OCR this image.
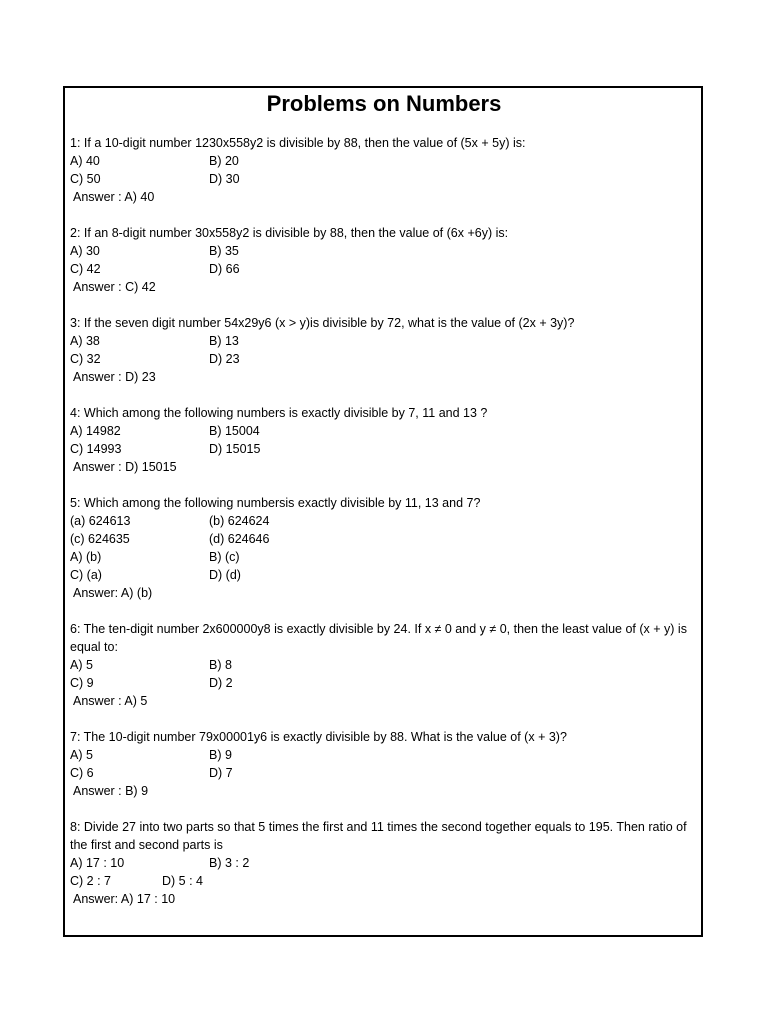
Problems on Numbers
1: If a 10-digit number 1230x558y2 is divisible by 88, then the value of (5x + 5y) is:
A) 40	B) 20
C) 50	D) 30
Answer : A) 40
2: If an 8-digit number 30x558y2 is divisible by 88, then the value of (6x +6y) is:
A) 30	B) 35
C) 42	D) 66
Answer : C) 42
3: If the seven digit number 54x29y6 (x > y)is divisible by 72, what is the value of (2x + 3y)?
A) 38	B) 13
C) 32	D) 23
Answer : D) 23
4: Which among the following numbers is exactly divisible by 7, 11 and 13 ?
A) 14982	B) 15004
C) 14993	D) 15015
Answer : D) 15015
5: Which among the following numbersis exactly divisible by 11, 13 and 7?
(a) 624613	(b) 624624
(c) 624635	(d) 624646
A) (b)	B) (c)
C) (a)	D) (d)
Answer: A) (b)
6: The ten-digit number 2x600000y8 is exactly divisible by 24. If x ≠ 0 and y ≠ 0, then the least value of (x + y) is equal to:
A) 5	B) 8
C) 9	D) 2
Answer : A) 5
7: The 10-digit number 79x00001y6 is exactly divisible by 88. What is the value of (x + 3)?
A) 5	B) 9
C) 6	D) 7
Answer : B) 9
8: Divide 27 into two parts so that 5 times the first and 11 times the second together equals to 195. Then ratio of the first and second parts is
A) 17 : 10	B) 3 : 2
C) 2 : 7	D) 5 : 4
Answer: A) 17 : 10
